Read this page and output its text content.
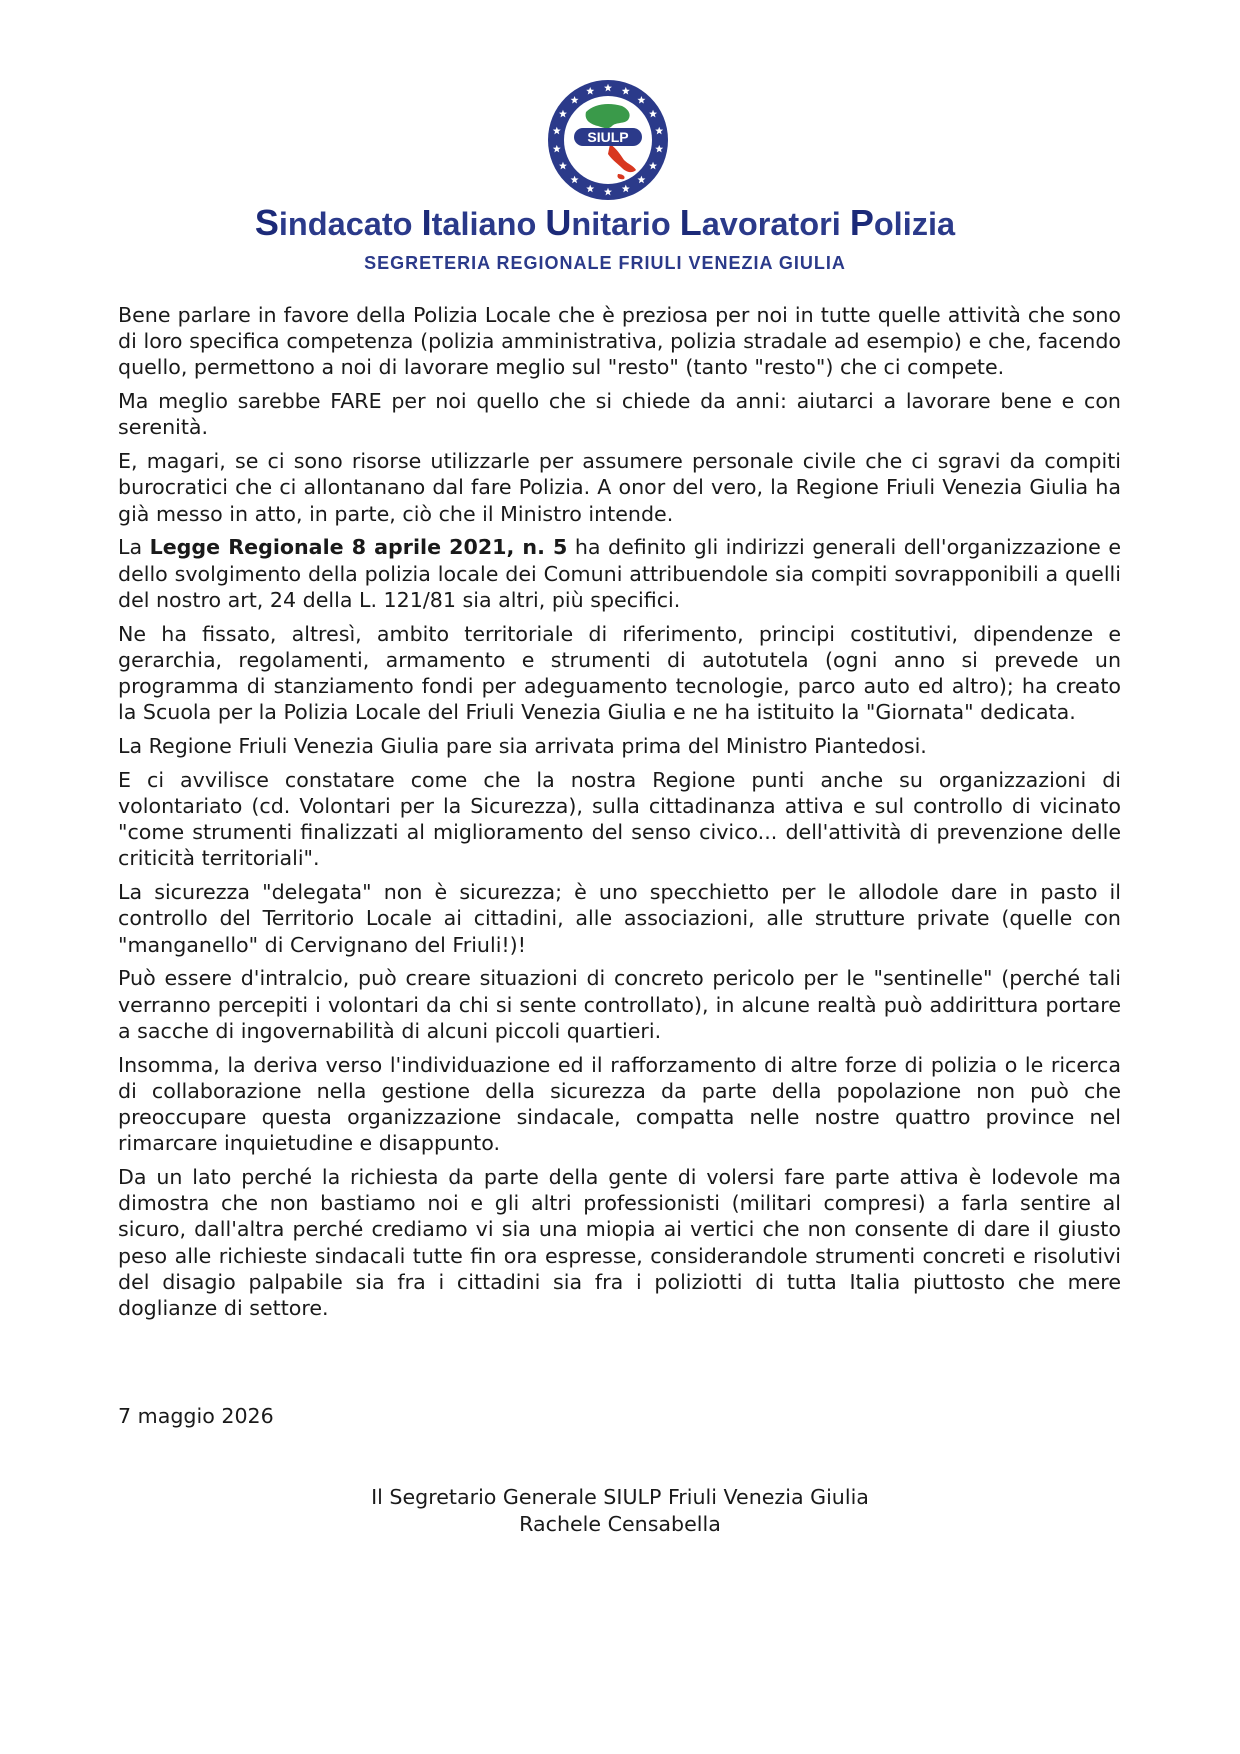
SIULP
Sindacato Italiano Unitario Lavoratori Polizia
SEGRETERIA REGIONALE FRIULI VENEZIA GIULIA

Bene parlare in favore della Polizia Locale che è preziosa per noi in tutte quelle attività che sono di loro specifica competenza (polizia amministrativa, polizia stradale ad esempio) e che, facendo quello, permettono a noi di lavorare meglio sul "resto" (tanto "resto") che ci compete.

Ma meglio sarebbe FARE per noi quello che si chiede da anni: aiutarci a lavorare bene e con serenità.

E, magari, se ci sono risorse utilizzarle per assumere personale civile che ci sgravi da compiti burocratici che ci allontanano dal fare Polizia. A onor del vero, la Regione Friuli Venezia Giulia ha già messo in atto, in parte, ciò che il Ministro intende.

La Legge Regionale 8 aprile 2021, n. 5 ha definito gli indirizzi generali dell'organizzazione e dello svolgimento della polizia locale dei Comuni attribuendole sia compiti sovrapponibili a quelli del nostro art, 24 della L. 121/81 sia altri, più specifici.

Ne ha fissato, altresì, ambito territoriale di riferimento, principi costitutivi, dipendenze e gerarchia, regolamenti, armamento e strumenti di autotutela (ogni anno si prevede un programma di stanziamento fondi per adeguamento tecnologie, parco auto ed altro); ha creato la Scuola per la Polizia Locale del Friuli Venezia Giulia e ne ha istituito la "Giornata" dedicata.

La Regione Friuli Venezia Giulia pare sia arrivata prima del Ministro Piantedosi.

E ci avvilisce constatare come che la nostra Regione punti anche su organizzazioni di volontariato (cd. Volontari per la Sicurezza), sulla cittadinanza attiva e sul controllo di vicinato "come strumenti finalizzati al miglioramento del senso civico... dell'attività di prevenzione delle criticità territoriali".

La sicurezza "delegata" non è sicurezza; è uno specchietto per le allodole dare in pasto il controllo del Territorio Locale ai cittadini, alle associazioni, alle strutture private (quelle con "manganello" di Cervignano del Friuli!)!

Può essere d'intralcio, può creare situazioni di concreto pericolo per le "sentinelle" (perché tali verranno percepiti i volontari da chi si sente controllato), in alcune realtà può addirittura portare a sacche di ingovernabilità di alcuni piccoli quartieri.

Insomma, la deriva verso l'individuazione ed il rafforzamento di altre forze di polizia o le ricerca di collaborazione nella gestione della sicurezza da parte della popolazione non può che preoccupare questa organizzazione sindacale, compatta nelle nostre quattro province nel rimarcare inquietudine e disappunto.

Da un lato perché la richiesta da parte della gente di volersi fare parte attiva è lodevole ma dimostra che non bastiamo noi e gli altri professionisti (militari compresi) a farla sentire al sicuro, dall'altra perché crediamo vi sia una miopia ai vertici che non consente di dare il giusto peso alle richieste sindacali tutte fin ora espresse, considerandole strumenti concreti e risolutivi del disagio palpabile sia fra i cittadini sia fra i poliziotti di tutta Italia piuttosto che mere doglianze di settore.

7 maggio 2026
Il Segretario Generale SIULP Friuli Venezia Giulia
Rachele Censabella
